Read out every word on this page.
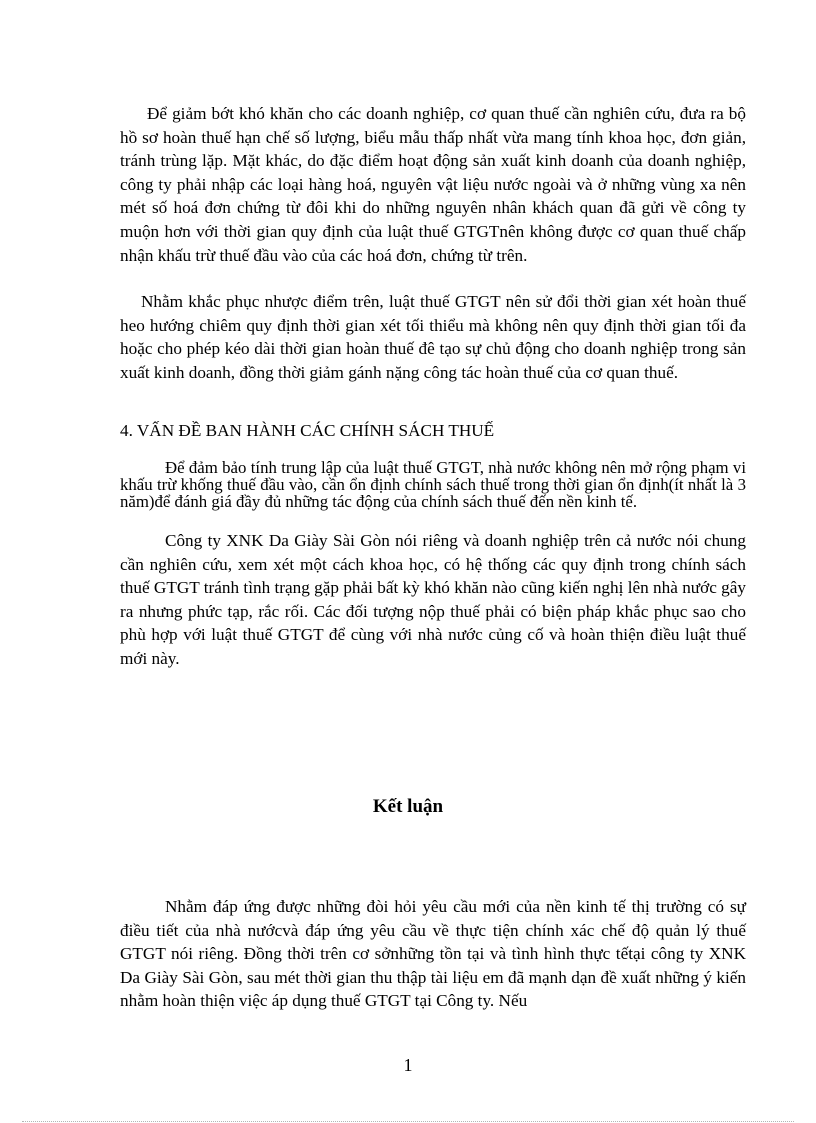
Để giảm bớt khó khăn cho các doanh nghiệp, cơ quan thuế cần nghiên cứu, đưa ra bộ hồ sơ hoàn thuế hạn chế số lượng, biểu mẫu thấp nhất vừa mang tính khoa học, đơn giản, tránh trùng lặp. Mặt khác, do đặc điểm hoạt động sản xuất kinh doanh của doanh nghiệp, công ty phải nhập các loại hàng hoá, nguyên vật liệu nước ngoài và ở những vùng xa nên mét số hoá đơn chứng từ đôi khi do những nguyên nhân khách quan đã gửi về công ty muộn hơn với thời gian quy định của luật thuế GTGTnên không được cơ quan thuế chấp nhận khấu trừ thuế đầu vào của các hoá đơn, chứng từ trên.

Nhằm khắc phục nhược điểm trên, luật thuế GTGT nên sử đổi thời gian xét hoàn thuế heo hướng chiêm quy định thời gian xét tối thiểu mà không nên quy định thời gian tối đa hoặc cho phép kéo dài thời gian hoàn thuế đê tạo sự chủ động cho doanh nghiệp trong sản xuất kinh doanh, đồng thời giảm gánh nặng công tác hoàn thuế của cơ quan thuế.

4. VẤN ĐỀ BAN HÀNH CÁC CHÍNH SÁCH THUẾ

Để đảm bảo tính trung lập của luật thuế GTGT, nhà nước không nên mở rộng phạm vi khấu trừ khống thuế đầu vào, cần ổn định chính sách thuế trong thời gian ổn định(ít nhất là 3 năm)để đánh giá đầy đủ những tác động của chính sách thuế đến nền kinh tế.

Công ty XNK Da Giày Sài Gòn nói riêng và doanh nghiệp trên cả nước nói chung cần nghiên cứu, xem xét một cách khoa học, có hệ thống các quy định trong chính sách thuế GTGT tránh tình trạng gặp phải bất kỳ khó khăn nào cũng kiến nghị lên nhà nước gây ra nhưng phức tạp, rắc rối. Các đối tượng nộp thuế phải có biện pháp khắc phục sao cho phù hợp với luật thuế GTGT để cùng với nhà nước củng cố và hoàn thiện điều luật thuế mới này.

Kết luận

Nhằm đáp ứng được những đòi hỏi yêu cầu mới của nền kinh tế thị trường có sự điều tiết của nhà nướcvà đáp ứng yêu cầu về thực tiện chính xác chế độ quản lý thuế GTGT nói riêng. Đồng thời trên cơ sởnhững tồn tại và tình hình thực tếtại công ty XNK Da Giày Sài Gòn, sau mét thời gian thu thập tài liệu em đã mạnh dạn đề xuất những ý kiến nhằm hoàn thiện việc áp dụng thuế GTGT tại Công ty. Nếu

1
